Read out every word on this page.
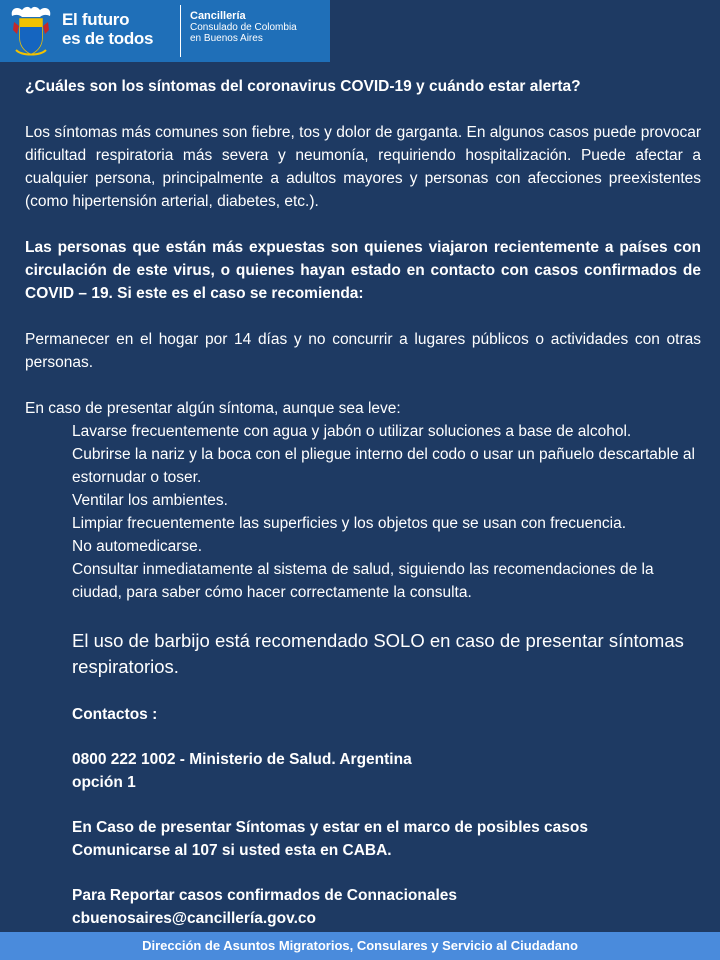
El futuro
es de todos
Cancillería
Consulado de Colombia
en Buenos Aires

¿Cuáles son los síntomas del coronavirus COVID-19 y cuándo estar alerta?

Los síntomas más comunes son fiebre, tos y dolor de garganta. En algunos casos puede provocar dificultad respiratoria más severa y neumonía, requiriendo hospitalización. Puede afectar a cualquier persona, principalmente a adultos mayores y personas con afecciones preexistentes (como hipertensión arterial, diabetes, etc.).

Las personas que están más expuestas son quienes viajaron recientemente a países con circulación de este virus, o quienes hayan estado en contacto con casos confirmados de COVID – 19. Si este es el caso se recomienda:

Permanecer en el hogar por 14 días y no concurrir a lugares públicos o actividades con otras personas.

En caso de presentar algún síntoma, aunque sea leve:

Lavarse frecuentemente con agua y jabón o utilizar soluciones a base de alcohol.
Cubrirse la nariz y la boca con el pliegue interno del codo o usar un pañuelo descartable al estornudar o toser.
Ventilar los ambientes.
Limpiar frecuentemente las superficies y los objetos que se usan con frecuencia.
No automedicarse.
Consultar inmediatamente al sistema de salud, siguiendo las recomendaciones de la ciudad, para saber cómo hacer correctamente la consulta.

El uso de barbijo está recomendado SOLO en caso de presentar síntomas respiratorios.

Contactos :

0800 222 1002 - Ministerio de Salud. Argentina

opción 1

En Caso de presentar Síntomas y estar en el marco de posibles casos

Comunicarse al 107 si usted esta en CABA.

Para Reportar casos confirmados de Connacionales

cbuenosaires@cancillería.gov.co

Dirección de Asuntos Migratorios, Consulares y Servicio al Ciudadano
